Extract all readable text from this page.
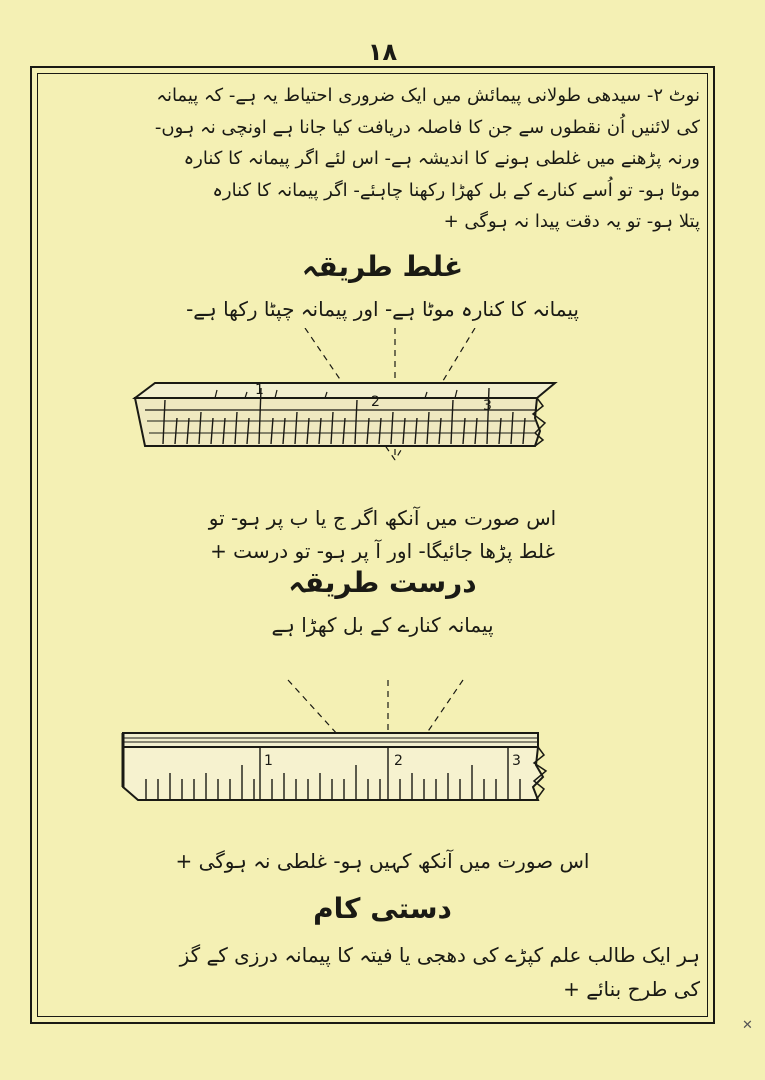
۱۸

نوٹ ۲- سیدھی طولانی پیمائش میں ایک ضروری احتیاط یہ ہے- کہ پیمانہ

کی لائنیں اُن نقطوں سے جن کا فاصلہ دریافت کیا جانا ہے اونچی نہ ہوں-

ورنہ پڑھنے میں غلطی ہونے کا اندیشہ ہے- اس لئے اگر پیمانہ کا کنارہ

موٹا ہو- تو اُسے کنارے کے بل کھڑا رکھنا چاہئے- اگر پیمانہ کا کنارہ

پتلا ہو- تو یہ دقت پیدا نہ ہوگی +

غلط طریقہ
پیمانہ کا کنارہ موٹا ہے- اور پیمانہ چپٹا رکھا ہے-
1
2	3
اس صورت میں آنکھ اگر ج یا ب پر ہو- تو
غلط پڑھا جائیگا- اور آ پر ہو- تو درست +
درست طریقہ
پیمانہ کنارے کے بل کھڑا ہے
1	2	3
اس صورت میں آنکھ کہیں ہو- غلطی نہ ہوگی +
دستی کام
ہر ایک طالب علم کپڑے کی دھجی یا فیتہ کا پیمانہ درزی کے گز
کی طرح بنائے +
✕
